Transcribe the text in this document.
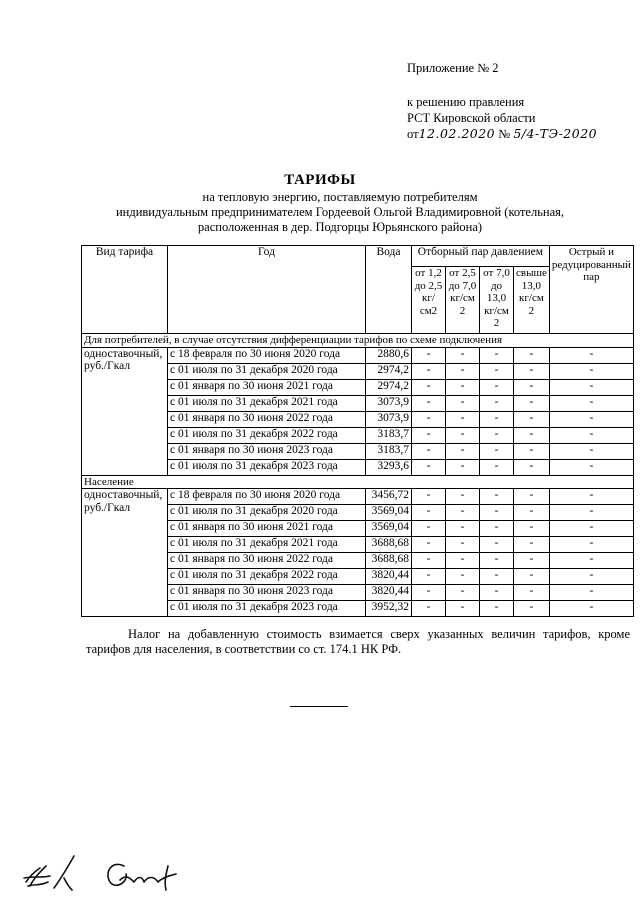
Приложение № 2
к решению правления
РСТ Кировской области
от12.02.2020 № 5/4-ТЭ-2020
ТАРИФЫ
на тепловую энергию, поставляемую потребителям
индивидуальным предпринимателем Гордеевой Ольгой Владимировной (котельная,
расположенная в дер. Подгорцы Юрьянского района)
Вид тарифа	Год	Вода	Отборный пар давлением				Острый и редуцированный пар
			от 1,2 до 2,5 кг/см2	от 2,5 до 7,0 кг/см 2	от 7,0 до 13,0 кг/см 2	свыше 13,0 кг/см 2	
Для потребителей, в случае отсутствия дифференциации тарифов по схеме подключения							
одноставочный, руб./Гкал	с 18 февраля по 30 июня 2020 года	2880,6	-	-	-	-	-
	с 01 июля по 31 декабря 2020 года	2974,2	-	-	-	-	-
	с 01 января по 30 июня 2021 года	2974,2	-	-	-	-	-
	с 01 июля по 31 декабря 2021 года	3073,9	-	-	-	-	-
	с 01 января по 30 июня 2022 года	3073,9	-	-	-	-	-
	с 01 июля по 31 декабря 2022 года	3183,7	-	-	-	-	-
	с 01 января по 30 июня 2023 года	3183,7	-	-	-	-	-
	с 01 июля по 31 декабря 2023 года	3293,6	-	-	-	-	-
Население							
одноставочный, руб./Гкал	с 18 февраля по 30 июня 2020 года	3456,72	-	-	-	-	-
	с 01 июля по 31 декабря 2020 года	3569,04	-	-	-	-	-
	с 01 января по 30 июня 2021 года	3569,04	-	-	-	-	-
	с 01 июля по 31 декабря 2021 года	3688,68	-	-	-	-	-
	с 01 января по 30 июня 2022 года	3688,68	-	-	-	-	-
	с 01 июля по 31 декабря 2022 года	3820,44	-	-	-	-	-
	с 01 января по 30 июня 2023 года	3820,44	-	-	-	-	-
	с 01 июля по 31 декабря 2023 года	3952,32	-	-	-	-	-
Налог на добавленную стоимость взимается сверх указанных величин тарифов, кроме тарифов для населения, в соответствии со ст. 174.1 НК РФ.
